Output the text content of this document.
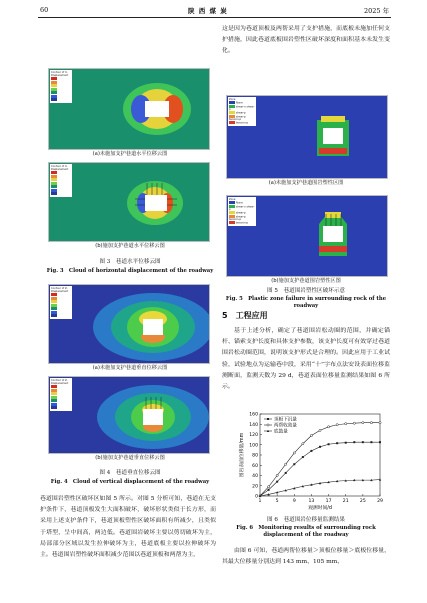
60	陕 西 煤 炭	2025 年
Contour of X-Displacement

(a)未施加支护巷道水平位移云图
Contour of X-Displacement

(b)施加支护巷道水平位移云图
图 3　巷道水平位移云图
Fig. 3　Cloud of horizontal displacement of the roadway
Contour of Z-Displacement

(a)未施加支护巷道垂直位移云图
Contour of Z-Displacement

(b)施加支护巷道垂直位移云图
图 4　巷道垂直位移云图
Fig. 4　Cloud of vertical displacement of the roadway

巷道围岩塑性区破坏区如图 5 所示。对图 5 分析可知，巷道在无支护条件下，巷道顶板发生大面积破坏，破坏形状类似于长方形，而采用上述支护条件下，巷道顶板塑性区破坏面积有所减少，且类似于塔型，呈中间高，两边低。巷道围岩破坏主要以剪切破坏为主，局部部分区域以发生拉伸破坏为主，巷道底板主要以拉伸破坏为主。巷道围岩塑性破坏面积减少范围以巷道顶板和两帮为主，

这是因为巷道顶板及两帮采用了支护措施，而底板未施加任何支护措施，因此巷道底板围岩塑性区破坏深度和面积基本未发生变化。

Zone
None
shear-n shear-p
shear-p
shear-p tension-p
tension-p
(a)未施加支护巷道围岩塑性区图
Zone
None
shear-n shear-p
shear-p
shear-p tension-p
tension-p
(b)施加支护巷道围岩塑性区图
图 5　巷道围岩塑性区破坏示意
Fig. 5　Plastic zone failure in surrounding rock of the roadway
5　工程应用

基于上述分析，确定了巷道围岩松动圈的范围，并确定锚杆、锚索支护长度和具体支护参数，该支护长度可有效穿过巷道围岩松动圈范围，说明该支护形式是合理的。因此应用于工业试验，试验地点为运输巷中段，采用“十”字布点法安设表面位移监测断面，监测天数为 29 d，巷道表面位移量监测结果如图 6 所示。

1	5	9	13 17 21 25 29
0
20
40
60
80
100
120
140
160
观测时间/d
围岩表面位移量/mm
顶板下沉量
两帮收敛量
底鼓量
图 6　巷道围岩位移量监测结果
Fig. 6　Monitoring results of surrounding rock
displacement of the roadway

由图 6 可知，巷道两帮位移量＞顶板位移量＞底板位移量，其最大位移量分别达到 143 mm、105 mm、
